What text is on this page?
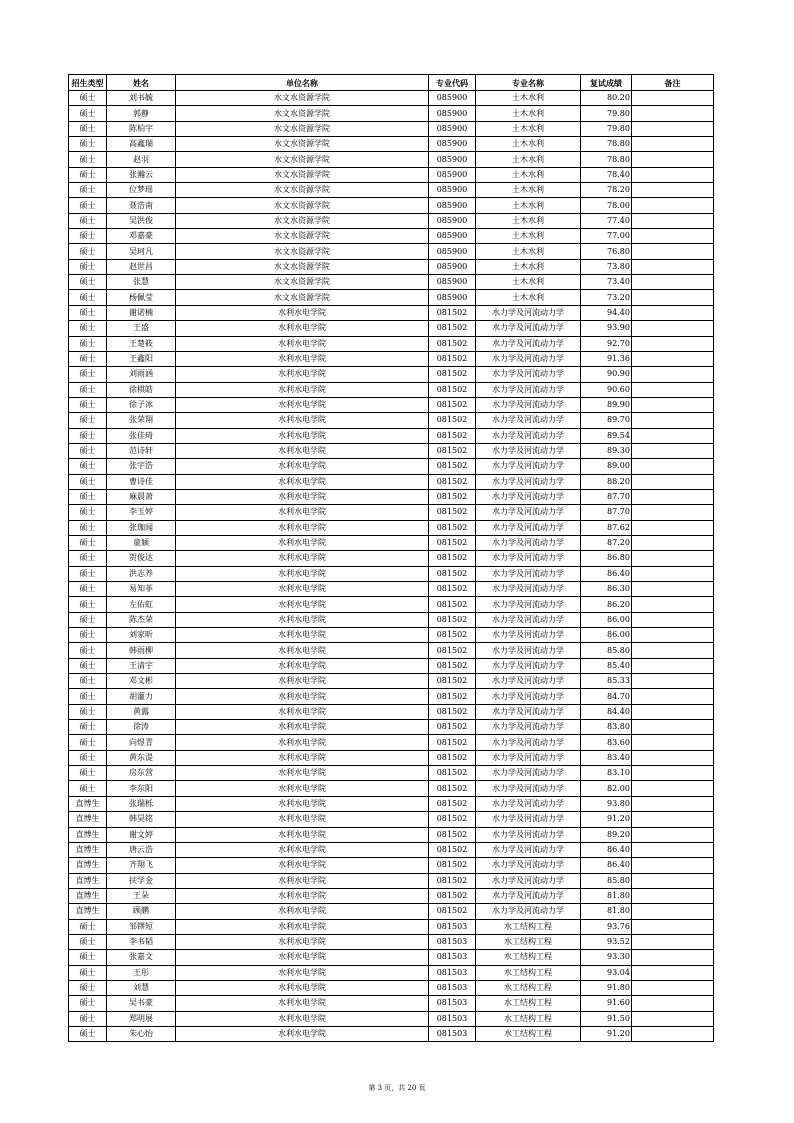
招生类型	姓名	单位名称	专业代码	专业名称	复试成绩	备注
硕士	刘书毓	水文水资源学院	085900	土木水利	80.20	
硕士	郭静	水文水资源学院	085900	土木水利	79.80	
硕士	陈柏宇	水文水资源学院	085900	土木水利	79.80	
硕士	高鑫瑞	水文水资源学院	085900	土木水利	78.80	
硕士	赵羽	水文水资源学院	085900	土木水利	78.80	
硕士	张瀚云	水文水资源学院	085900	土木水利	78.40	
硕士	位梦瑶	水文水资源学院	085900	土木水利	78.20	
硕士	聂浩南	水文水资源学院	085900	土木水利	78.00	
硕士	吴洪俊	水文水资源学院	085900	土木水利	77.40	
硕士	邓嘉豪	水文水资源学院	085900	土木水利	77.00	
硕士	吴珂凡	水文水资源学院	085900	土木水利	76.80	
硕士	赵世昌	水文水资源学院	085900	土木水利	73.80	
硕士	张慧	水文水资源学院	085900	土木水利	73.40	
硕士	杨佩莹	水文水资源学院	085900	土木水利	73.20	
硕士	谢诺楠	水利水电学院	081502	水力学及河流动力学	94.40	
硕士	王盛	水利水电学院	081502	水力学及河流动力学	93.90	
硕士	王楚筱	水利水电学院	081502	水力学及河流动力学	92.70	
硕士	王鑫阳	水利水电学院	081502	水力学及河流动力学	91.36	
硕士	刘雨涵	水利水电学院	081502	水力学及河流动力学	90.90	
硕士	徐棋皓	水利水电学院	081502	水力学及河流动力学	90.60	
硕士	徐子冰	水利水电学院	081502	水力学及河流动力学	89.90	
硕士	张荣翔	水利水电学院	081502	水力学及河流动力学	89.70	
硕士	张佳琦	水利水电学院	081502	水力学及河流动力学	89.54	
硕士	范诗轩	水利水电学院	081502	水力学及河流动力学	89.30	
硕士	张宇浩	水利水电学院	081502	水力学及河流动力学	89.00	
硕士	曹诗佳	水利水电学院	081502	水力学及河流动力学	88.20	
硕士	麻晨萧	水利水电学院	081502	水力学及河流动力学	87.70	
硕士	李玉婷	水利水电学院	081502	水力学及河流动力学	87.70	
硕士	张珈闻	水利水电学院	081502	水力学及河流动力学	87.62	
硕士	童颖	水利水电学院	081502	水力学及河流动力学	87.20	
硕士	贺俊达	水利水电学院	081502	水力学及河流动力学	86.80	
硕士	洪志养	水利水电学院	081502	水力学及河流动力学	86.40	
硕士	易知菲	水利水电学院	081502	水力学及河流动力学	86.30	
硕士	左佑虹	水利水电学院	081502	水力学及河流动力学	86.20	
硕士	陈杰荣	水利水电学院	081502	水力学及河流动力学	86.00	
硕士	刘家昕	水利水电学院	081502	水力学及河流动力学	86.00	
硕士	韩雨柳	水利水电学院	081502	水力学及河流动力学	85.80	
硕士	王清宇	水利水电学院	081502	水力学及河流动力学	85.40	
硕士	邓文彬	水利水电学院	081502	水力学及河流动力学	85.33	
硕士	胡灌力	水利水电学院	081502	水力学及河流动力学	84.70	
硕士	黄露	水利水电学院	081502	水力学及河流动力学	84.40	
硕士	徐涛	水利水电学院	081502	水力学及河流动力学	83.80	
硕士	向煜青	水利水电学院	081502	水力学及河流动力学	83.60	
硕士	黄东湜	水利水电学院	081502	水力学及河流动力学	83.40	
硕士	房东营	水利水电学院	081502	水力学及河流动力学	83.10	
硕士	李东阳	水利水电学院	081502	水力学及河流动力学	82.00	
直博生	张瑞栎	水利水电学院	081502	水力学及河流动力学	93.80	
直博生	韩昊铭	水利水电学院	081502	水力学及河流动力学	91.20	
直博生	谢文婷	水利水电学院	081502	水力学及河流动力学	89.20	
直博生	唐云浩	水利水电学院	081502	水力学及河流动力学	86.40	
直博生	齐翔飞	水利水电学院	081502	水力学及河流动力学	86.40	
直博生	扶学金	水利水电学院	081502	水力学及河流动力学	85.80	
直博生	王朵	水利水电学院	081502	水力学及河流动力学	81.80	
直博生	顾鹏	水利水电学院	081502	水力学及河流动力学	81.80	
硕士	邹镠短	水利水电学院	081503	水工结构工程	93.76	
硕士	李书韬	水利水电学院	081503	水工结构工程	93.52	
硕士	张嘉文	水利水电学院	081503	水工结构工程	93.30	
硕士	王彤	水利水电学院	081503	水工结构工程	93.04	
硕士	刘慧	水利水电学院	081503	水工结构工程	91.80	
硕士	吴书豪	水利水电学院	081503	水工结构工程	91.60	
硕士	郑明展	水利水电学院	081503	水工结构工程	91.50	
硕士	朱心怡	水利水电学院	081503	水工结构工程	91.20	
第 3 页，共 20 页
